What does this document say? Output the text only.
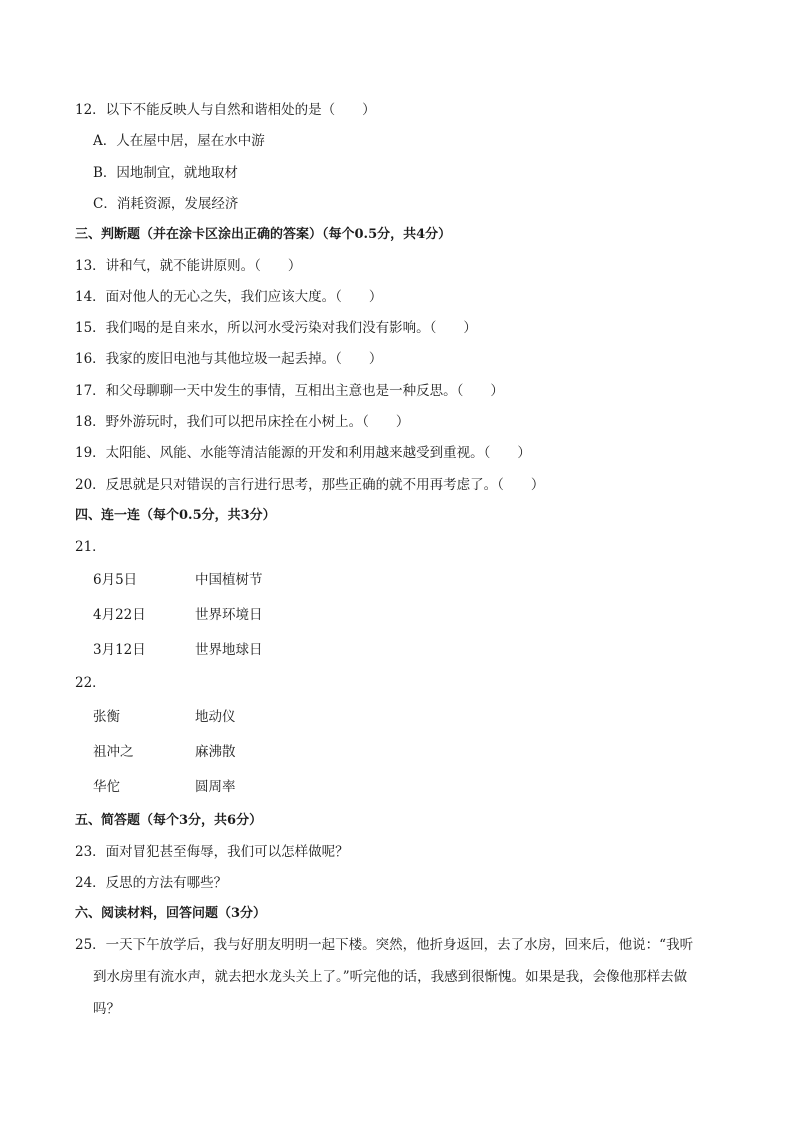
12．以下不能反映人与自然和谐相处的是（　　）
A．人在屋中居，屋在水中游
B．因地制宜，就地取材
C．消耗资源，发展经济
三、判断题（并在涂卡区涂出正确的答案）（每个0.5分，共4分）
13．讲和气，就不能讲原则。（　　）
14．面对他人的无心之失，我们应该大度。（　　）
15．我们喝的是自来水，所以河水受污染对我们没有影响。（　　）
16．我家的废旧电池与其他垃圾一起丢掉。（　　）
17．和父母聊聊一天中发生的事情，互相出主意也是一种反思。（　　）
18．野外游玩时，我们可以把吊床拴在小树上。（　　）
19．太阳能、风能、水能等清洁能源的开发和利用越来越受到重视。（　　）
20．反思就是只对错误的言行进行思考，那些正确的就不用再考虑了。（　　）
四、连一连（每个0.5分，共3分）
21．
6月5日	中国植树节
4月22日	世界环境日
3月12日	世界地球日
22．
张衡	地动仪
祖冲之	麻沸散
华佗	圆周率
五、简答题（每个3分，共6分）
23．面对冒犯甚至侮辱，我们可以怎样做呢？
24．反思的方法有哪些？
六、阅读材料，回答问题（3分）
25．一天下午放学后，我与好朋友明明一起下楼。突然，他折身返回，去了水房，回来后，他说：“我听
到水房里有流水声，就去把水龙头关上了。”听完他的话，我感到很惭愧。如果是我，会像他那样去做
吗？
